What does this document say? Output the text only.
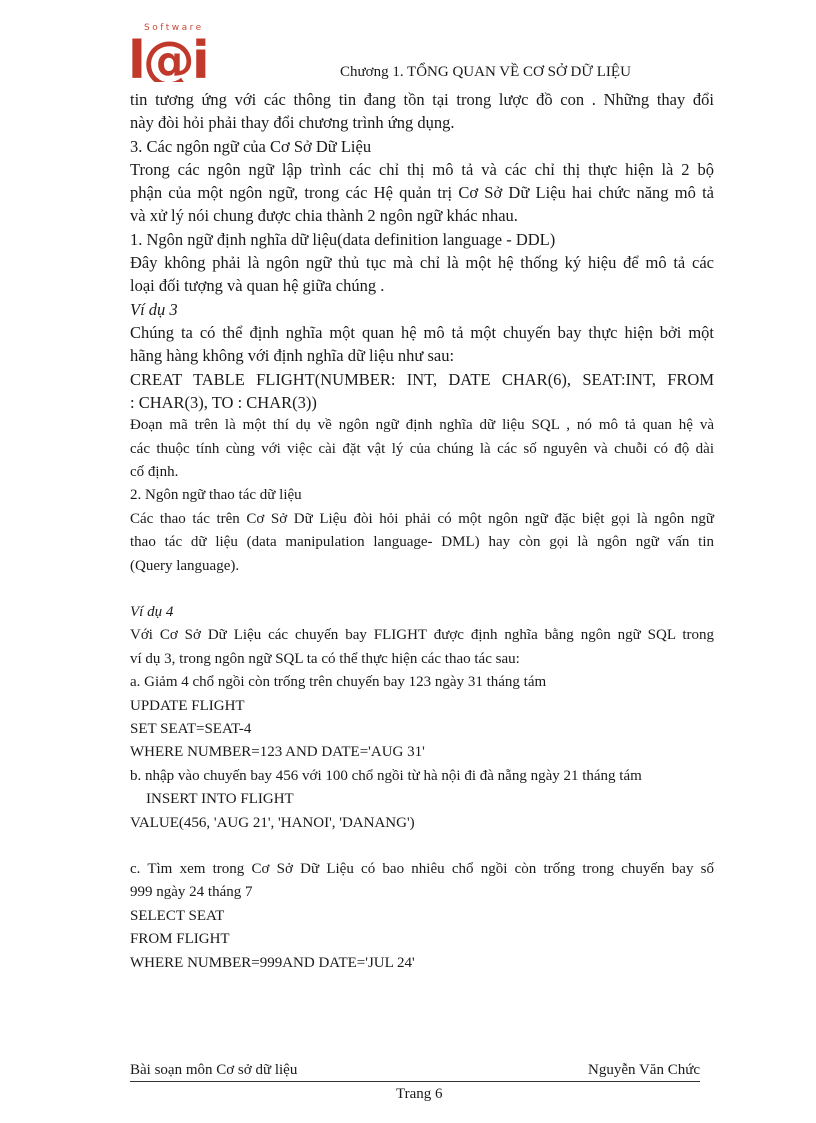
Software
l@i	Chương 1. TỔNG QUAN VỀ CƠ SỞ DỮ LIỆU
tin tương ứng với các thông tin đang tồn tại trong lược đồ con . Những thay đổi
này đòi hỏi phải thay đổi chương trình ứng dụng.
3. Các ngôn ngữ của Cơ Sở Dữ Liệu
Trong các ngôn ngữ lập trình các chỉ thị mô tả và các chỉ thị thực hiện là 2 bộ
phận của một ngôn ngữ, trong các Hệ quản trị Cơ Sở Dữ Liệu hai chức năng mô tả
và xử lý nói chung được chia thành 2 ngôn ngữ khác nhau.
1. Ngôn ngữ định nghĩa dữ liệu(data definition language - DDL)
Đây không phải là ngôn ngữ thủ tục mà chỉ là một hệ thống ký hiệu để mô tả các
loại đối tượng và quan hệ giữa chúng .
Ví dụ 3
Chúng ta có thể định nghĩa một quan hệ mô tả một chuyến bay thực hiện bởi một
hãng hàng không với định nghĩa dữ liệu như sau:
CREAT TABLE FLIGHT(NUMBER: INT, DATE CHAR(6), SEAT:INT, FROM
: CHAR(3), TO : CHAR(3))
Đoạn mã trên là một thí dụ về ngôn ngữ định nghĩa dữ liệu SQL , nó mô tả quan hệ và
các thuộc tính cùng với việc cài đặt vật lý của chúng là các số nguyên và chuỗi có độ dài
cố định.
2. Ngôn ngữ thao tác dữ liệu
Các thao tác trên Cơ Sở Dữ Liệu đòi hỏi phải có một ngôn ngữ đặc biệt gọi là ngôn ngữ
thao tác dữ liệu (data manipulation language- DML) hay còn gọi là ngôn ngữ vấn tin
(Query language).
Ví dụ 4
Với Cơ Sở Dữ Liệu các chuyến bay FLIGHT được định nghĩa bằng ngôn ngữ SQL trong
ví dụ 3, trong ngôn ngữ SQL ta có thể thực hiện các thao tác sau:
a. Giảm 4 chổ ngồi còn trống trên chuyến bay 123 ngày 31 tháng tám
UPDATE FLIGHT
SET SEAT=SEAT-4
WHERE NUMBER=123 AND DATE='AUG 31'
b. nhập vào chuyến bay 456 với 100 chổ ngồi từ hà nội đi đà nẵng ngày 21 tháng tám
INSERT INTO FLIGHT
VALUE(456, 'AUG 21', 'HANOI', 'DANANG')
c. Tìm xem trong Cơ Sở Dữ Liệu có bao nhiêu chổ ngồi còn trống trong chuyến bay số
999 ngày 24 tháng 7
SELECT SEAT
FROM FLIGHT
WHERE NUMBER=999AND DATE='JUL 24'
Bài soạn môn Cơ sở dữ liệu	Nguyễn Văn Chức
Trang 6
